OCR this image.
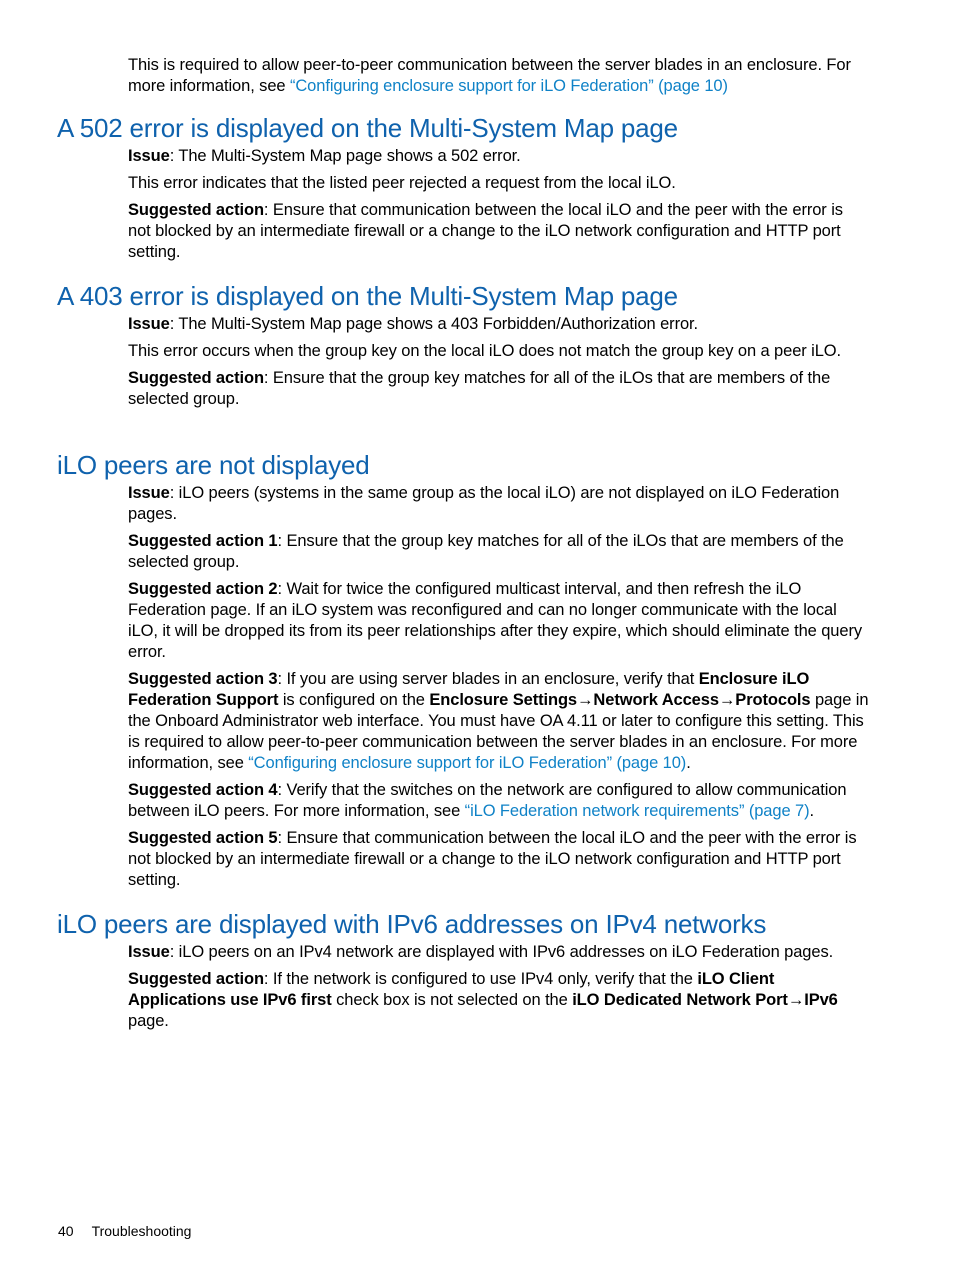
This is required to allow peer-to-peer communication between the server blades in an enclosure. For more information, see “Configuring enclosure support for iLO Federation” (page 10)

A 502 error is displayed on the Multi-System Map page

Issue: The Multi-System Map page shows a 502 error.

This error indicates that the listed peer rejected a request from the local iLO.

Suggested action: Ensure that communication between the local iLO and the peer with the error is not blocked by an intermediate firewall or a change to the iLO network configuration and HTTP port setting.

A 403 error is displayed on the Multi-System Map page

Issue: The Multi-System Map page shows a 403 Forbidden/Authorization error.

This error occurs when the group key on the local iLO does not match the group key on a peer iLO.

Suggested action: Ensure that the group key matches for all of the iLOs that are members of the selected group.

iLO peers are not displayed

Issue: iLO peers (systems in the same group as the local iLO) are not displayed on iLO Federation pages.

Suggested action 1: Ensure that the group key matches for all of the iLOs that are members of the selected group.

Suggested action 2: Wait for twice the configured multicast interval, and then refresh the iLO Federation page. If an iLO system was reconfigured and can no longer communicate with the local iLO, it will be dropped its from its peer relationships after they expire, which should eliminate the query error.

Suggested action 3: If you are using server blades in an enclosure, verify that Enclosure iLO Federation Support is configured on the Enclosure Settings→Network Access→Protocols page in the Onboard Administrator web interface. You must have OA 4.11 or later to configure this setting. This is required to allow peer-to-peer communication between the server blades in an enclosure. For more information, see “Configuring enclosure support for iLO Federation” (page 10).

Suggested action 4: Verify that the switches on the network are configured to allow communication between iLO peers. For more information, see “iLO Federation network requirements” (page 7).

Suggested action 5: Ensure that communication between the local iLO and the peer with the error is not blocked by an intermediate firewall or a change to the iLO network configuration and HTTP port setting.

iLO peers are displayed with IPv6 addresses on IPv4 networks

Issue: iLO peers on an IPv4 network are displayed with IPv6 addresses on iLO Federation pages.

Suggested action: If the network is configured to use IPv4 only, verify that the iLO Client Applications use IPv6 first check box is not selected on the iLO Dedicated Network Port→IPv6 page.

40 Troubleshooting
